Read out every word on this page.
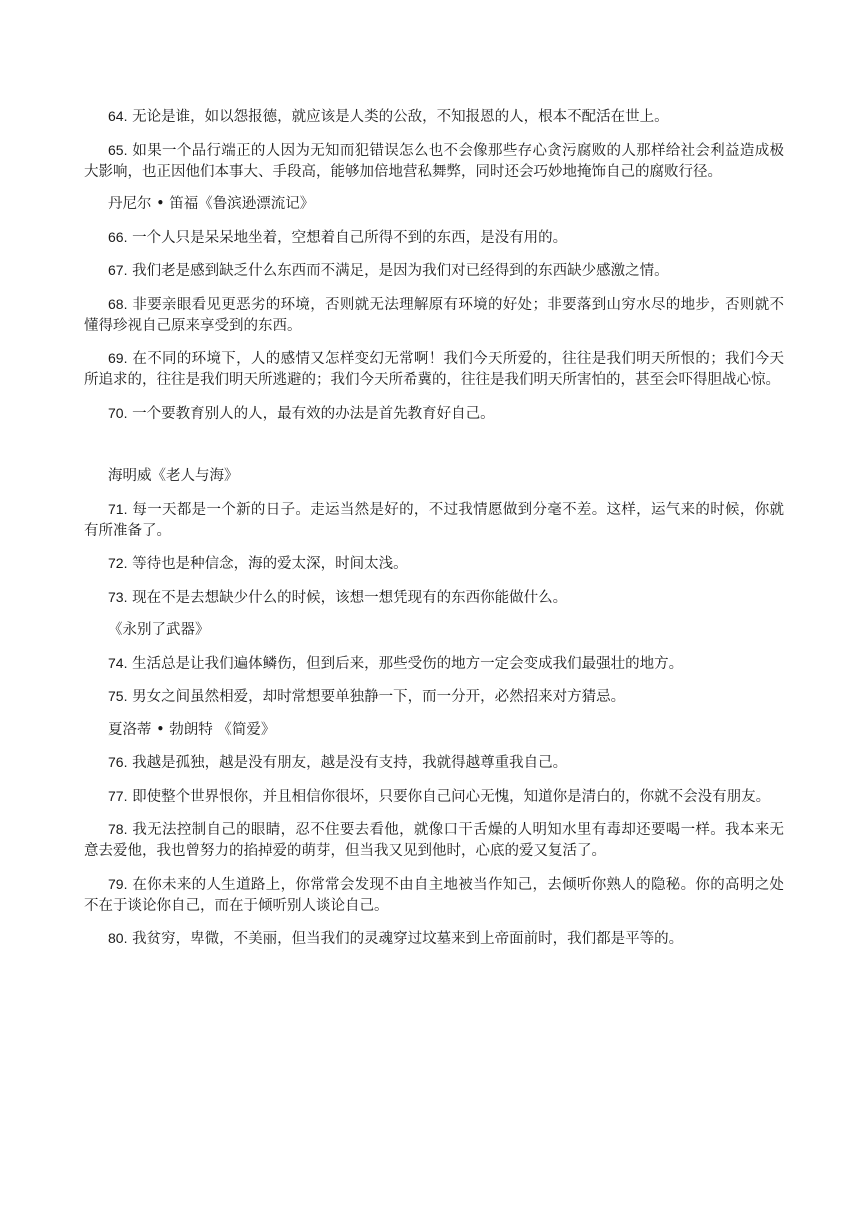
64. 无论是谁，如以怨报德，就应该是人类的公敌，不知报恩的人，根本不配活在世上。

65. 如果一个品行端正的人因为无知而犯错误怎么也不会像那些存心贪污腐败的人那样给社会利益造成极大影响，也正因他们本事大、手段高，能够加倍地营私舞弊，同时还会巧妙地掩饰自己的腐败行径。

丹尼尔 • 笛福《鲁滨逊漂流记》

66. 一个人只是呆呆地坐着，空想着自己所得不到的东西，是没有用的。

67. 我们老是感到缺乏什么东西而不满足，是因为我们对已经得到的东西缺少感激之情。

68. 非要亲眼看见更恶劣的环境，否则就无法理解原有环境的好处；非要落到山穷水尽的地步，否则就不懂得珍视自己原来享受到的东西。

69. 在不同的环境下，人的感情又怎样变幻无常啊！我们今天所爱的，往往是我们明天所恨的；我们今天所追求的，往往是我们明天所逃避的；我们今天所希冀的，往往是我们明天所害怕的，甚至会吓得胆战心惊。

70. 一个要教育别人的人，最有效的办法是首先教育好自己。

海明威《老人与海》

71. 每一天都是一个新的日子。走运当然是好的，不过我情愿做到分毫不差。这样，运气来的时候，你就有所准备了。

72. 等待也是种信念，海的爱太深，时间太浅。

73. 现在不是去想缺少什么的时候，该想一想凭现有的东西你能做什么。

《永别了武器》

74. 生活总是让我们遍体鳞伤，但到后来，那些受伤的地方一定会变成我们最强壮的地方。

75. 男女之间虽然相爱，却时常想要单独静一下，而一分开，必然招来对方猜忌。

夏洛蒂 • 勃朗特 《简爱》

76. 我越是孤独，越是没有朋友，越是没有支持，我就得越尊重我自己。

77. 即使整个世界恨你，并且相信你很坏，只要你自己问心无愧，知道你是清白的，你就不会没有朋友。

78. 我无法控制自己的眼睛，忍不住要去看他，就像口干舌燥的人明知水里有毒却还要喝一样。我本来无意去爱他，我也曾努力的掐掉爱的萌芽，但当我又见到他时，心底的爱又复活了。

79. 在你未来的人生道路上，你常常会发现不由自主地被当作知己，去倾听你熟人的隐秘。你的高明之处不在于谈论你自己，而在于倾听别人谈论自己。

80. 我贫穷，卑微，不美丽，但当我们的灵魂穿过坟墓来到上帝面前时，我们都是平等的。
